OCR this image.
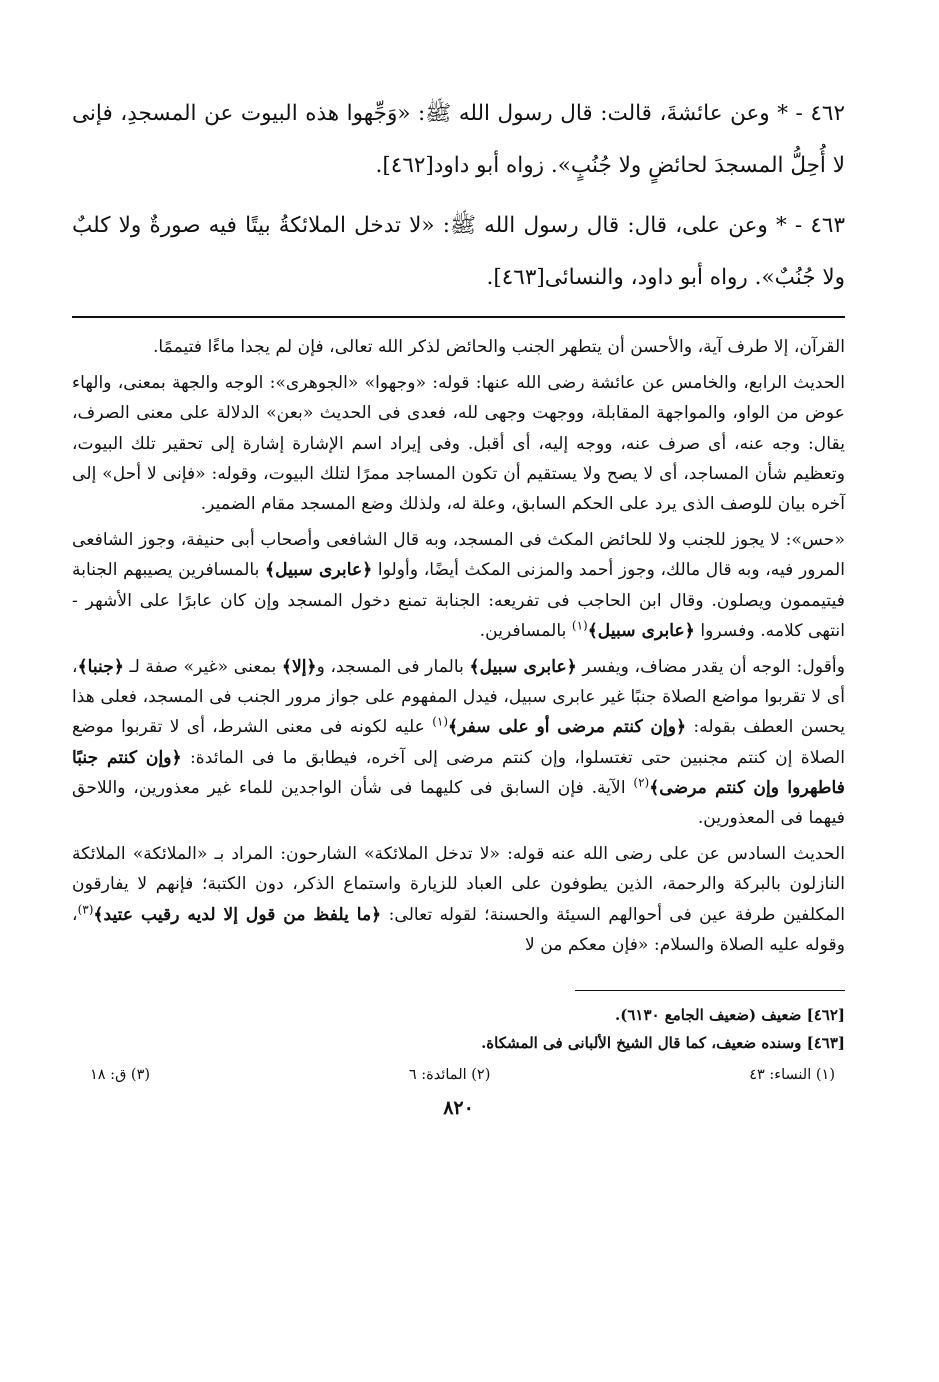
٤٦٢ - * وعن عائشةَ، قالت: قال رسول الله ﷺ: «وَجِّهوا هذه البيوت عن المسجدِ، فإنى لا أُحِلُّ المسجدَ لحائضٍ ولا جُنُبٍ». زواه أبو داود[٤٦٢].

٤٦٣ - * وعن على، قال: قال رسول الله ﷺ: «لا تدخل الملائكةُ بيتًا فيه صورةٌ ولا كلبٌ ولا جُنُبٌ». رواه أبو داود، والنسائى[٤٦٣].

القرآن، إلا طرف آية، والأحسن أن يتطهر الجنب والحائض لذكر الله تعالى، فإن لم يجدا ماءًا فتيممًا.

الحديث الرابع، والخامس عن عائشة رضى الله عنها: قوله: «وجهوا» «الجوهرى»: الوجه والجهة بمعنى، والهاء عوض من الواو، والمواجهة المقابلة، ووجهت وجهى لله، فعدى فى الحديث «بعن» الدلالة على معنى الصرف، يقال: وجه عنه، أى صرف عنه، ووجه إليه، أى أقبل. وفى إيراد اسم الإشارة إشارة إلى تحقير تلك البيوت، وتعظيم شأن المساجد، أى لا يصح ولا يستقيم أن تكون المساجد ممرًا لتلك البيوت، وقوله: «فإنى لا أحل» إلى آخره بيان للوصف الذى يرد على الحكم السابق، وعلة له، ولذلك وضع المسجد مقام الضمير.

«حس»: لا يجوز للجنب ولا للحائض المكث فى المسجد، وبه قال الشافعى وأصحاب أبى حنيفة، وجوز الشافعى المرور فيه، وبه قال مالك، وجوز أحمد والمزنى المكث أيضًا، وأولوا ﴿عابرى سبيل﴾ بالمسافرين يصيبهم الجنابة فيتيممون ويصلون. وقال ابن الحاجب فى تفريعه: الجنابة تمنع دخول المسجد وإن كان عابرًا على الأشهر - انتهى كلامه. وفسروا ﴿عابرى سبيل﴾$^{(١)}$ بالمسافرين.

وأقول: الوجه أن يقدر مضاف، ويفسر ﴿عابرى سبيل﴾ بالمار فى المسجد، و﴿إلا﴾ بمعنى «غير» صفة لـ ﴿جنبا﴾، أى لا تقربوا مواضع الصلاة جنبًا غير عابرى سبيل، فيدل المفهوم على جواز مرور الجنب فى المسجد، فعلى هذا يحسن العطف بقوله: ﴿وإن كنتم مرضى أو على سفر﴾$^{(١)}$ عليه لكونه فى معنى الشرط، أى لا تقربوا موضع الصلاة إن كنتم مجنبين حتى تغتسلوا، وإن كنتم مرضى إلى آخره، فيطابق ما فى المائدة: ﴿وإن كنتم جنبًا فاطهروا وإن كنتم مرضى﴾$^{(٢)}$ الآية. فإن السابق فى كليهما فى شأن الواجدين للماء غير معذورين، واللاحق فيهما فى المعذورين.

الحديث السادس عن على رضى الله عنه قوله: «لا تدخل الملائكة» الشارحون: المراد بـ «الملائكة» الملائكة النازلون بالبركة والرحمة، الذين يطوفون على العباد للزيارة واستماع الذكر، دون الكتبة؛ فإنهم لا يفارقون المكلفين طرفة عين فى أحوالهم السيئة والحسنة؛ لقوله تعالى: ﴿ما يلفظ من قول إلا لديه رقيب عتيد﴾$^{(٣)}$، وقوله عليه الصلاة والسلام: «فإن معكم من لا

[٤٦٢] ضعيف (ضعيف الجامع ٦١٣٠).

[٤٦٣] وسنده ضعيف، كما قال الشيخ الألبانى فى المشكاة.

(١) النساء: ٤٣
(٢) المائدة: ٦
(٣) ق: ١٨
٨٢٠
